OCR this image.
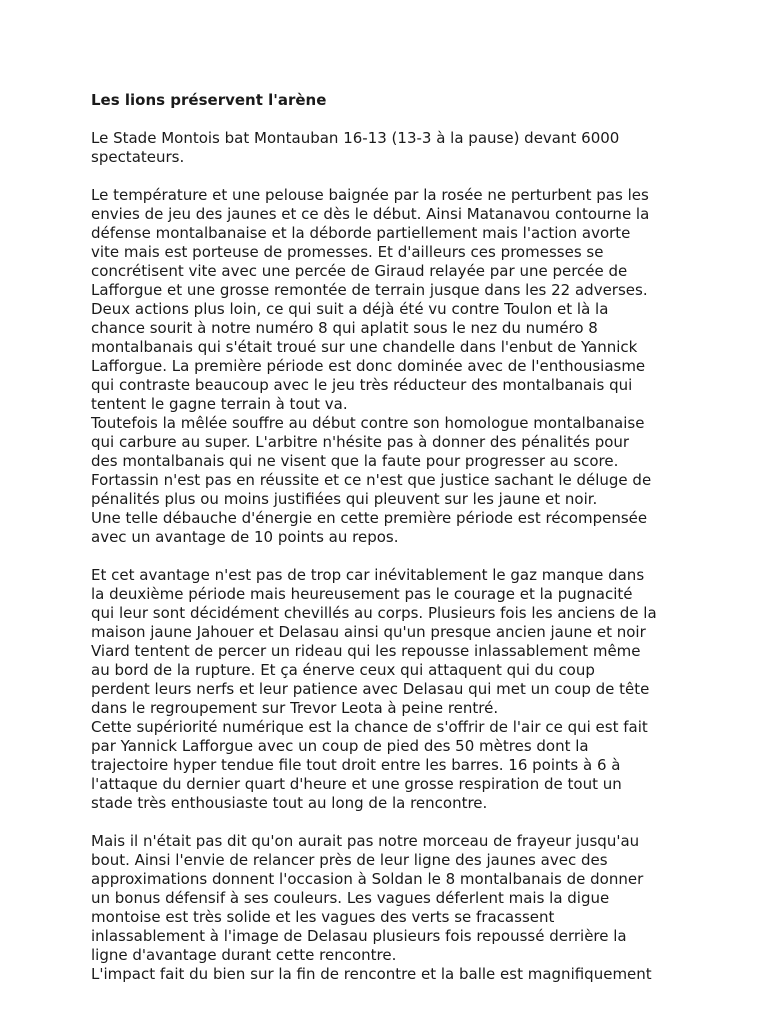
Les lions préservent l'arène
Le Stade Montois bat Montauban 16-13 (13-3 à la pause) devant 6000
spectateurs.
Le température et une pelouse baignée par la rosée ne perturbent pas les
envies de jeu des jaunes et ce dès le début. Ainsi Matanavou contourne la
défense montalbanaise et la déborde partiellement mais l'action avorte
vite mais est porteuse de promesses. Et d'ailleurs ces promesses se
concrétisent vite avec une percée de Giraud relayée par une percée de
Lafforgue et une grosse remontée de terrain jusque dans les 22 adverses.
Deux actions plus loin, ce qui suit a déjà été vu contre Toulon et là la
chance sourit à notre numéro 8 qui aplatit sous le nez du numéro 8
montalbanais qui s'était troué sur une chandelle dans l'enbut de Yannick
Lafforgue. La première période est donc dominée avec de l'enthousiasme
qui contraste beaucoup avec le jeu très réducteur des montalbanais qui
tentent le gagne terrain à tout va.
Toutefois la mêlée souffre au début contre son homologue montalbanaise
qui carbure au super. L'arbitre n'hésite pas à donner des pénalités pour
des montalbanais qui ne visent que la faute pour progresser au score.
Fortassin n'est pas en réussite et ce n'est que justice sachant le déluge de
pénalités plus ou moins justifiées qui pleuvent sur les jaune et noir.
Une telle débauche d'énergie en cette première période est récompensée
avec un avantage de 10 points au repos.
Et cet avantage n'est pas de trop car inévitablement le gaz manque dans
la deuxième période mais heureusement pas le courage et la pugnacité
qui leur sont décidément chevillés au corps. Plusieurs fois les anciens de la
maison jaune Jahouer et Delasau ainsi qu'un presque ancien jaune et noir
Viard tentent de percer un rideau qui les repousse inlassablement même
au bord de la rupture. Et ça énerve ceux qui attaquent qui du coup
perdent leurs nerfs et leur patience avec Delasau qui met un coup de tête
dans le regroupement sur Trevor Leota à peine rentré.
Cette supériorité numérique est la chance de s'offrir de l'air ce qui est fait
par Yannick Lafforgue avec un coup de pied des 50 mètres dont la
trajectoire hyper tendue file tout droit entre les barres. 16 points à 6 à
l'attaque du dernier quart d'heure et une grosse respiration de tout un
stade très enthousiaste tout au long de la rencontre.
Mais il n'était pas dit qu'on aurait pas notre morceau de frayeur jusqu'au
bout. Ainsi l'envie de relancer près de leur ligne des jaunes avec des
approximations donnent l'occasion à Soldan le 8 montalbanais de donner
un bonus défensif à ses couleurs. Les vagues déferlent mais la digue
montoise est très solide et les vagues des verts se fracassent
inlassablement à l'image de Delasau plusieurs fois repoussé derrière la
ligne d'avantage durant cette rencontre.
L'impact fait du bien sur la fin de rencontre et la balle est magnifiquement
